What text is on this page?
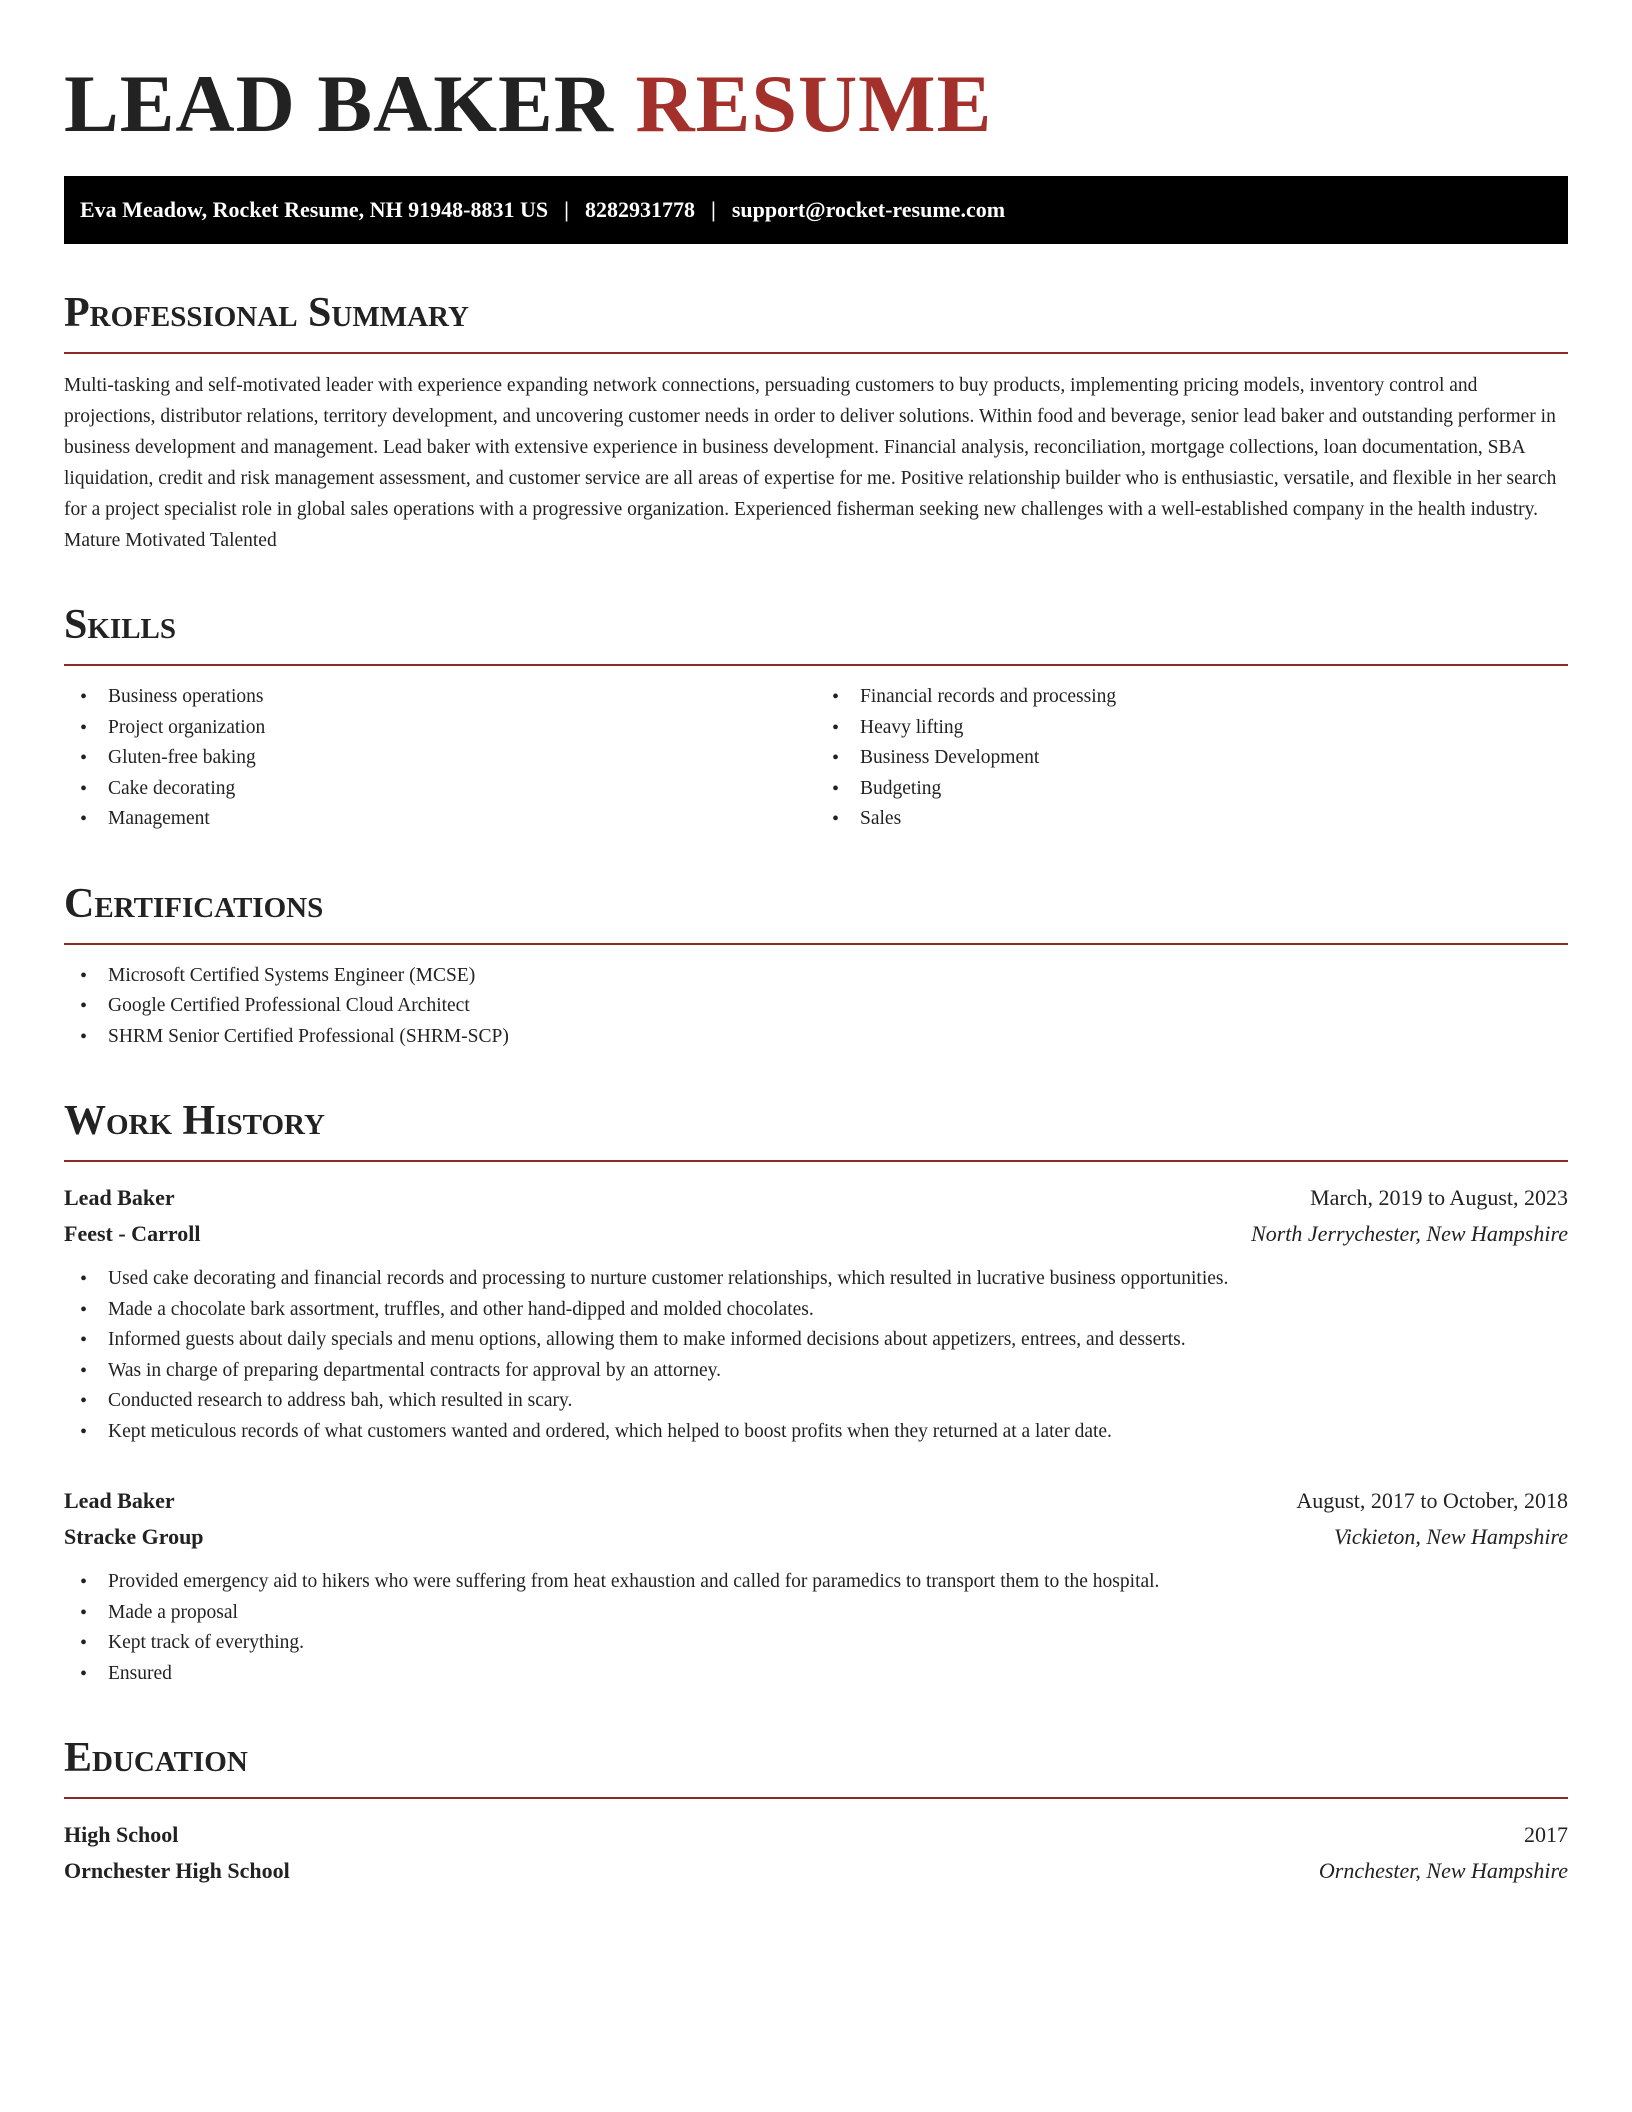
LEAD BAKER RESUME
Eva Meadow, Rocket Resume, NH 91948-8831 US | 8282931778 | support@rocket-resume.com
Professional Summary

Multi-tasking and self-motivated leader with experience expanding network connections, persuading customers to buy products, implementing pricing models, inventory control and projections, distributor relations, territory development, and uncovering customer needs in order to deliver solutions. Within food and beverage, senior lead baker and outstanding performer in business development and management. Lead baker with extensive experience in business development. Financial analysis, reconciliation, mortgage collections, loan documentation, SBA liquidation, credit and risk management assessment, and customer service are all areas of expertise for me. Positive relationship builder who is enthusiastic, versatile, and flexible in her search for a project specialist role in global sales operations with a progressive organization. Experienced fisherman seeking new challenges with a well-established company in the health industry. Mature Motivated Talented

Skills
• Business operations
• Project organization
• Gluten-free baking
• Cake decorating
• Management
• Financial records and processing
• Heavy lifting
• Business Development
• Budgeting
• Sales
Certifications
• Microsoft Certified Systems Engineer (MCSE)
• Google Certified Professional Cloud Architect
• SHRM Senior Certified Professional (SHRM-SCP)
Work History
Lead Baker	March, 2019 to August, 2023
Feest - Carroll	North Jerrychester, New Hampshire
• Used cake decorating and financial records and processing to nurture customer relationships, which resulted in lucrative business opportunities.
• Made a chocolate bark assortment, truffles, and other hand-dipped and molded chocolates.
• Informed guests about daily specials and menu options, allowing them to make informed decisions about appetizers, entrees, and desserts.
• Was in charge of preparing departmental contracts for approval by an attorney.
• Conducted research to address bah, which resulted in scary.
• Kept meticulous records of what customers wanted and ordered, which helped to boost profits when they returned at a later date.
Lead Baker	August, 2017 to October, 2018
Stracke Group	Vickieton, New Hampshire
• Provided emergency aid to hikers who were suffering from heat exhaustion and called for paramedics to transport them to the hospital.
• Made a proposal
• Kept track of everything.
• Ensured
Education
High School	2017
Ornchester High School	Ornchester, New Hampshire
